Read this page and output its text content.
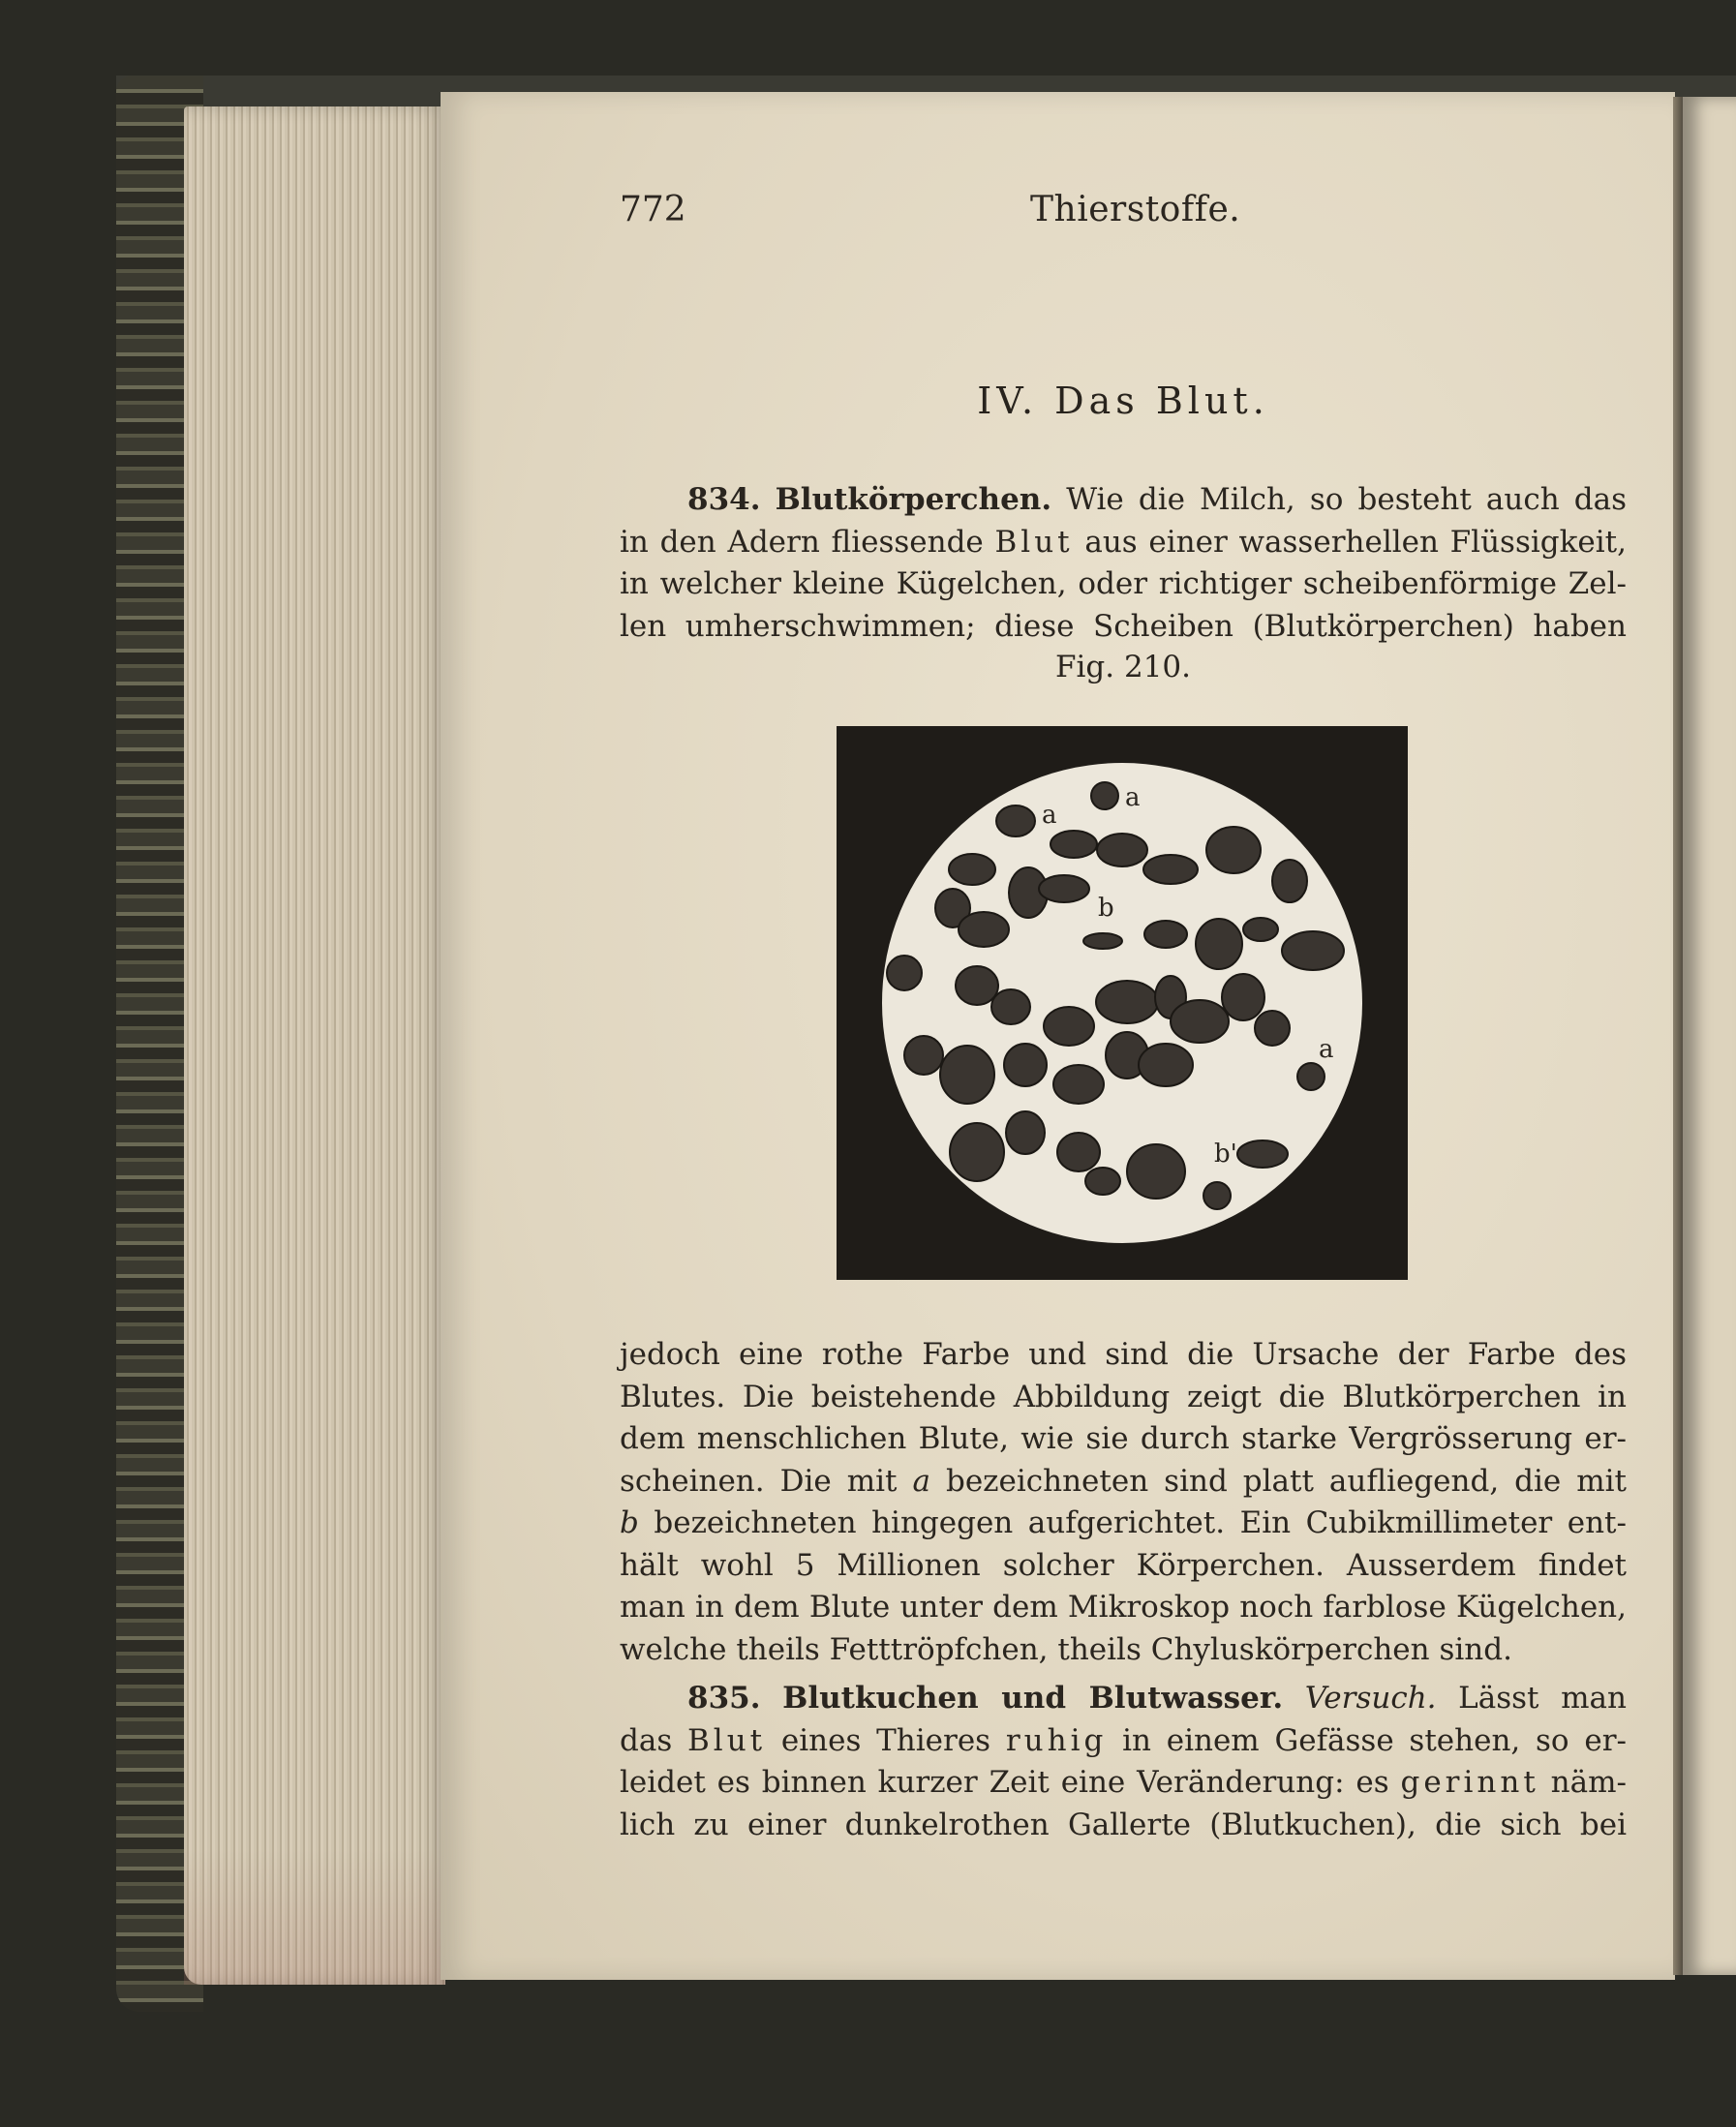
772	Thierstoffe.
IV. Das Blut.
834. Blutkörperchen. Wie die Milch, so besteht auch das
in den Adern fliessende Blut aus einer wasserhellen Flüssigkeit,
in welcher kleine Kügelchen, oder richtiger scheibenförmige Zel-
len umherschwimmen; diese Scheiben (Blutkörperchen) haben
Fig. 210.
a
a
b
a
b'
jedoch eine rothe Farbe und sind die Ursache der Farbe des
Blutes. Die beistehende Abbildung zeigt die Blutkörperchen in
dem menschlichen Blute, wie sie durch starke Vergrösserung er-
scheinen. Die mit a bezeichneten sind platt aufliegend, die mit
b bezeichneten hingegen aufgerichtet. Ein Cubikmillimeter ent-
hält wohl 5 Millionen solcher Körperchen. Ausserdem findet
man in dem Blute unter dem Mikroskop noch farblose Kügelchen,
welche theils Fetttröpfchen, theils Chyluskörperchen sind.
835. Blutkuchen und Blutwasser. Versuch. Lässt man
das Blut eines Thieres ruhig in einem Gefässe stehen, so er-
leidet es binnen kurzer Zeit eine Veränderung: es gerinnt näm-
lich zu einer dunkelrothen Gallerte (Blutkuchen), die sich bei
